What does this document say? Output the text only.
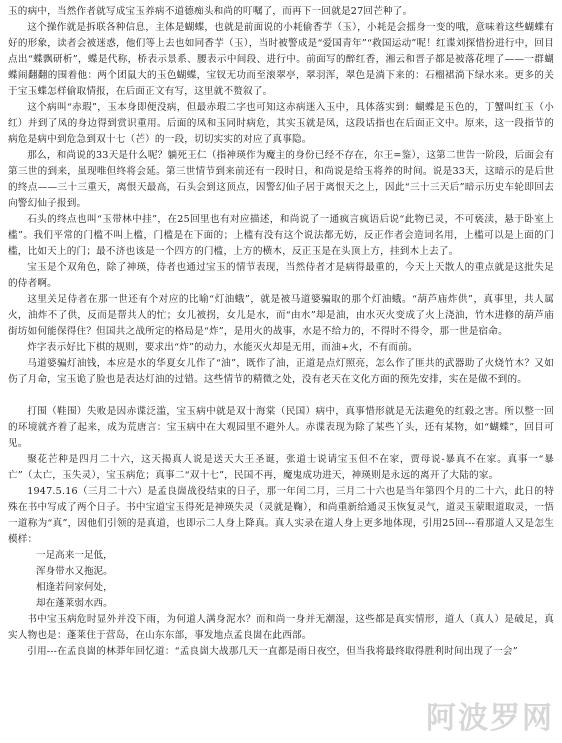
玉的病中，当然作者就写成宝玉养病不道德痴头和尚的叮嘱了，而再下一回就是27回芒种了。

这个操作就是拆联各种信息，主体是蝴蝶，也就是前面说的小耗偷香芋（玉），小耗是会摇身一变的哦，意味着这些蝴蝶有好的形象，读者会被迷惑，他们等上去也如同香芋（玉），当时被警成是“爱国青年”“救国运动”呢！红谍刘探惜扮进行中，回目点出“蝶飘研析”，蝶是代称，桥表示景系、腰表示中间段、进行中。前面写的醉红香，湘云和晋子都是被落花埋了——一群蝴蝶闹翻翻的围着他：两个团鼠大的玉色蝴蝶，宝钗无功而至滚翠亭，翠羽浑，翠色是淌下来的：石榴裙淌下绿水来。更多的关于宝玉蝶怎样偷取情报，在后面正文有写，这里就不赘叙了。

这个病叫“赤瑕”，玉本身即便没病，但最赤瑕二字也可知这赤病迷入玉中，具体落实到：蝴蝶是玉色的，丁蟹叫红玉（小红）并到了凤的身边得到赏识重用。后面的凤和玉同时病危，其实玉就是凤，这段话指也在后面正文中。原来，这一段指节的病危是病中到危急到双十七（芒）的一段，切切实实的对应了真事隐。

那么，和尚说的33天是什么呢？躺死王仁（指神瑛作为魔主的身份已经不存在，尔王=鉴），这第二世告一阶段，后面会有第三世的到来，虽现唯但终将会延。第三世情节到来前还有一段时日，和尚说是给玉将养的时间。说是33天，这暗示的是后世的终点——三十三重天，离恨天最高，石头会到这顶点，因警幻仙子居于离恨天之上，因此“三十三天后”暗示历史车轮即回去向警幻仙子报到。

石头的终点也叫“玉带林中挂”，在25回里也有对应描述，和尚说了一通疯言疯语后说“此物已灵，不可亵渎，悬于卧室上槛”。我们平常的门槛不叫上槛，门槛是在下面的；上槛有没有这个说法都无妨，反正作者会造词名用，上槛可以是上面的门槛，比如天上的门；最不济也该是一个四方的门槛，上方的横木，反正玉是在头顶上方，挂到木上去了。

宝玉是个双角色，除了神瑛，侍者也通过宝玉的情节表现，当然侍者才是病得最重的，今天上天散人的重点就是这批失足的侍者啊。

这里关足侍者在那一世还有个对应的比喻“灯油蛾”，就是被马道婆骗取的那个灯油蛾。“葫芦庙炸供”，真事里，共人属火，油炸不了供，反而是帮共人的忙；女儿被拐，女儿是水，而“由水”却是油，由水灭火变成了火上浇油，竹木进修的葫芦庙街坊如何能保得住？但国共之战所定的格局是“炸”，是用火的战事，水是不给力的，不得时不得令，那一世是宿命。

炸字表示好比下棋的规则，要求出“炸”的动力，水能灭火却是无用，而油+火，不有而前。

马道婆骗灯油钱，本应是水的华夏女儿作了“油”，既作了油，正道是点灯照亮，怎么作了匪共的武器助了火烧竹木？又如伤了月命，宝玉诡了脸也是表达灯油的过错。这些情节的精微之处，没有老天在文化方面的预先安排，实在是做不到的。

打围（鞋围）失败是因赤谍泛滥，宝玉病中就是双十海棠（民国）病中，真事惜形就是无法避免的红毂之害。所以整一回的环境就齐着了起来，成为荒唐言：宝玉病中在大观园里不避外人。赤谍表现为除了某些丫头，还有某物，如“蝴蝶”，回目可见。

聚花芒种是四月二十六，这天揭真人说是送天大王圣诞，张道士说请宝玉但不在家，贾母说-暴真不在家。真事一“暴亡”（太亡，玉失灵），宝玉病危；真事二“双十七”，民国不再，魔鬼成功进天，神瑛则是永远的离开了大陆的家。

1947.5.16（三月二十六）是孟良崮战役结束的日子，那一年闰二月，三月二十六也是当年第四个月的二十六，此日的特殊在书中写成了两个日子。书中宝道宝玉得死是神瑛失灵（灵就是鞠），和尚重新给通灵玉恢复灵气，道灵玉蒙眼道取灵，一悟一道称为“真”，因他们引领的是真道，也即示二人身上降真。真人实录在道人身上更多地体现，引用25回---看那道人又是怎生模样：

一足高来一足低，

浑身带水又拖泥。

相逢若问家何处，

却在蓬莱弱水西。

书中宝玉病危时显外并没下雨，为何道人满身泥水？而和尚一身并无潮湿，这些都是真实情形，道人（真人）是破足，真实人物也是：蓬莱住于营岛，在山东东部，事发地点孟良崮在此西部。

引用---在孟良崮的林莽年回忆道：“孟良崮大战那几天一直都是雨日夜空，但当我将最终取得胜利时间出现了一会”

阿波罗网
